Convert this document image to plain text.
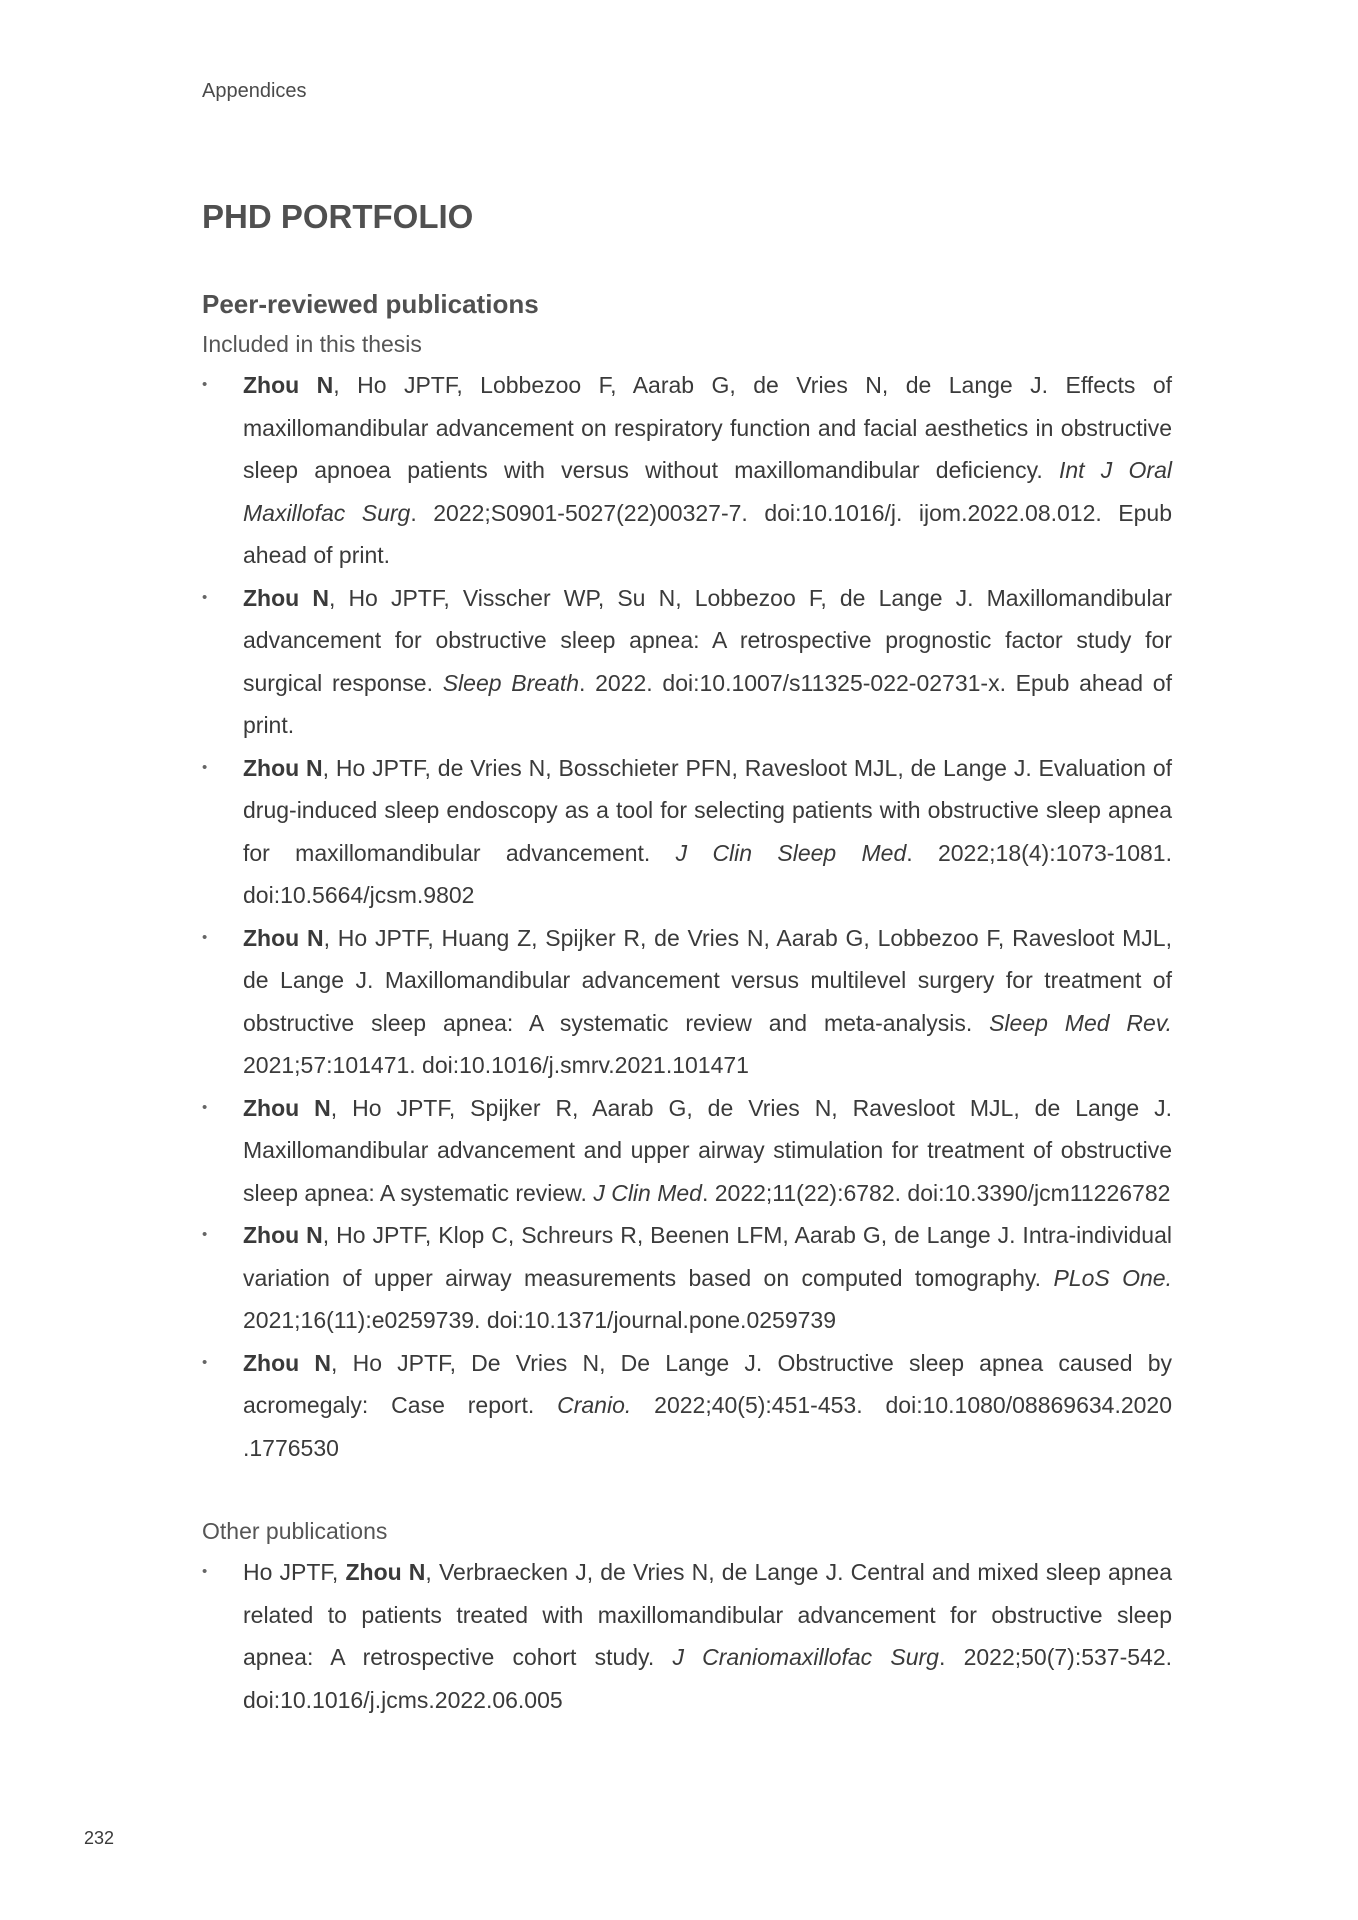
Appendices
PHD PORTFOLIO
Peer-reviewed publications
Included in this thesis
• Zhou N, Ho JPTF, Lobbezoo F, Aarab G, de Vries N, de Lange J. Effects of maxillomandibular advancement on respiratory function and facial aesthetics in obstructive sleep apnoea patients with versus without maxillomandibular deficiency. Int J Oral Maxillofac Surg. 2022;S0901-5027(22)00327-7. doi:10.1016/j. ijom.2022.08.012. Epub ahead of print.
• Zhou N, Ho JPTF, Visscher WP, Su N, Lobbezoo F, de Lange J. Maxillomandibular advancement for obstructive sleep apnea: A retrospective prognostic factor study for surgical response. Sleep Breath. 2022. doi:10.1007/s11325-022-02731-x. Epub ahead of print.
• Zhou N, Ho JPTF, de Vries N, Bosschieter PFN, Ravesloot MJL, de Lange J. Evaluation of drug-induced sleep endoscopy as a tool for selecting patients with obstructive sleep apnea for maxillomandibular advancement. J Clin Sleep Med. 2022;18(4):1073-1081. doi:10.5664/jcsm.9802
• Zhou N, Ho JPTF, Huang Z, Spijker R, de Vries N, Aarab G, Lobbezoo F, Ravesloot MJL, de Lange J. Maxillomandibular advancement versus multilevel surgery for treatment of obstructive sleep apnea: A systematic review and meta-analysis. Sleep Med Rev. 2021;57:101471. doi:10.1016/j.smrv.2021.101471
• Zhou N, Ho JPTF, Spijker R, Aarab G, de Vries N, Ravesloot MJL, de Lange J. Maxillomandibular advancement and upper airway stimulation for treatment of obstructive sleep apnea: A systematic review. J Clin Med. 2022;11(22):6782. doi:10.3390/jcm11226782
• Zhou N, Ho JPTF, Klop C, Schreurs R, Beenen LFM, Aarab G, de Lange J. Intra-individual variation of upper airway measurements based on computed tomography. PLoS One. 2021;16(11):e0259739. doi:10.1371/journal.pone.0259739
• Zhou N, Ho JPTF, De Vries N, De Lange J. Obstructive sleep apnea caused by acromegaly: Case report. Cranio. 2022;40(5):451-453. doi:10.1080/08869634.2020 .1776530
Other publications
• Ho JPTF, Zhou N, Verbraecken J, de Vries N, de Lange J. Central and mixed sleep apnea related to patients treated with maxillomandibular advancement for obstructive sleep apnea: A retrospective cohort study. J Craniomaxillofac Surg. 2022;50(7):537-542. doi:10.1016/j.jcms.2022.06.005
232
